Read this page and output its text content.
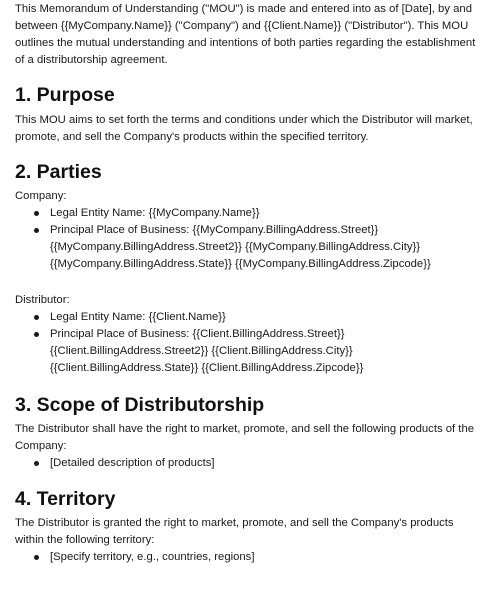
This Memorandum of Understanding ("MOU") is made and entered into as of [Date], by and between {{MyCompany.Name}} ("Company") and {{Client.Name}} ("Distributor"). This MOU outlines the mutual understanding and intentions of both parties regarding the establishment of a distributorship agreement.

1. Purpose

This MOU aims to set forth the terms and conditions under which the Distributor will market, promote, and sell the Company's products within the specified territory.

2. Parties

Company:

Legal Entity Name: {{MyCompany.Name}}
Principal Place of Business: {{MyCompany.BillingAddress.Street}}
{{MyCompany.BillingAddress.Street2}} {{MyCompany.BillingAddress.City}}
{{MyCompany.BillingAddress.State}} {{MyCompany.BillingAddress.Zipcode}}

Distributor:

Legal Entity Name: {{Client.Name}}
Principal Place of Business: {{Client.BillingAddress.Street}}
{{Client.BillingAddress.Street2}} {{Client.BillingAddress.City}}
{{Client.BillingAddress.State}} {{Client.BillingAddress.Zipcode}}
3. Scope of Distributorship

The Distributor shall have the right to market, promote, and sell the following products of the Company:

[Detailed description of products]
4. Territory

The Distributor is granted the right to market, promote, and sell the Company's products within the following territory:

[Specify territory, e.g., countries, regions]
